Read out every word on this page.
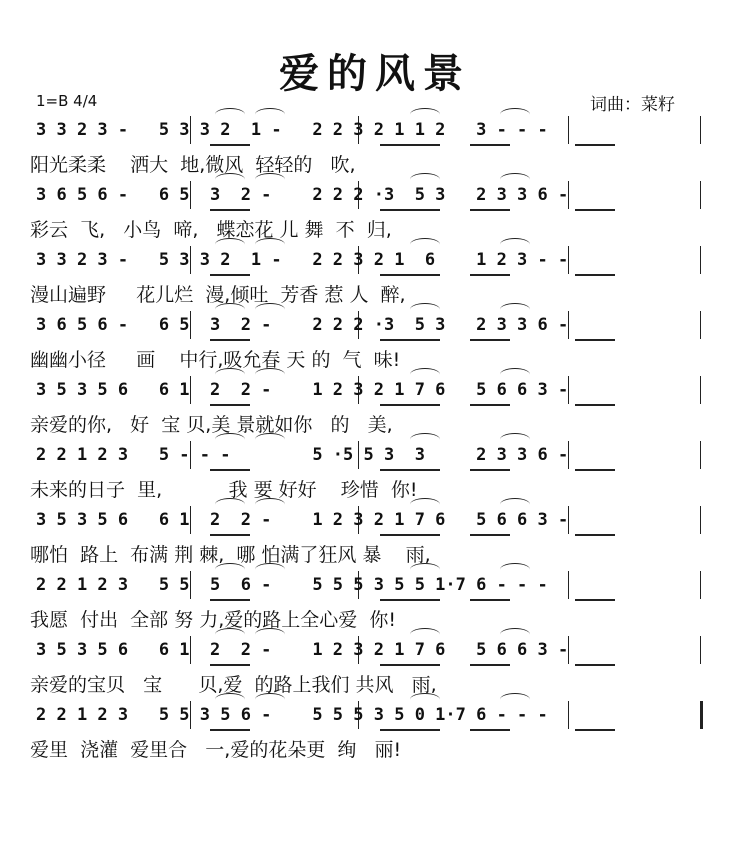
爱的风景
1=B 4/4	词曲：菜籽
3 3 2 3 -   5 3 3 2  1 -   2 2 3 2 1 1 2   3 - - -
阳光柔柔    洒大  地,微风  轻轻的   吹,
3 6 5 6 -   6 5  3  2 -    2 2 2 ·3  5 3   2 3 3 6 -
彩云  飞,   小鸟  啼,   蝶恋花 儿 舞  不  归,
3 3 2 3 -   5 3 3 2  1 -   2 2 3 2 1  6    1 2 3 - -
漫山遍野     花儿烂  漫,倾吐  芳香 惹 人  醉,
3 6 5 6 -   6 5  3  2 -    2 2 2 ·3  5 3   2 3 3 6 -
幽幽小径     画    中行,吸允春 天 的  气  味!
3 5 3 5 6   6 1  2  2 -    1 2 3 2 1 7 6   5 6 6 3 -
亲爱的你,   好  宝 贝,美 景就如你   的   美,
2 2 1 2 3   5 - - -        5 ·5 5 3  3     2 3 3 6 -
未来的日子  里,           我 要 好好    珍惜  你!
3 5 3 5 6   6 1  2  2 -    1 2 3 2 1 7 6   5 6 6 3 -
哪怕  路上  布满 荆 棘,  哪 怕满了狂风 暴    雨,
2 2 1 2 3   5 5  5  6 -    5 5 5 3 5 5 1·7 6 - - -
我愿  付出  全部 努 力,爱的路上全心爱  你!
3 5 3 5 6   6 1  2  2 -    1 2 3 2 1 7 6   5 6 6 3 -
亲爱的宝贝   宝      贝,爱  的路上我们 共风   雨,
2 2 1 2 3   5 5 3 5 6 -    5 5 5 3 5 0 1·7 6 - - -
爱里  浇灌  爱里合   一,爱的花朵更  绚   丽!
